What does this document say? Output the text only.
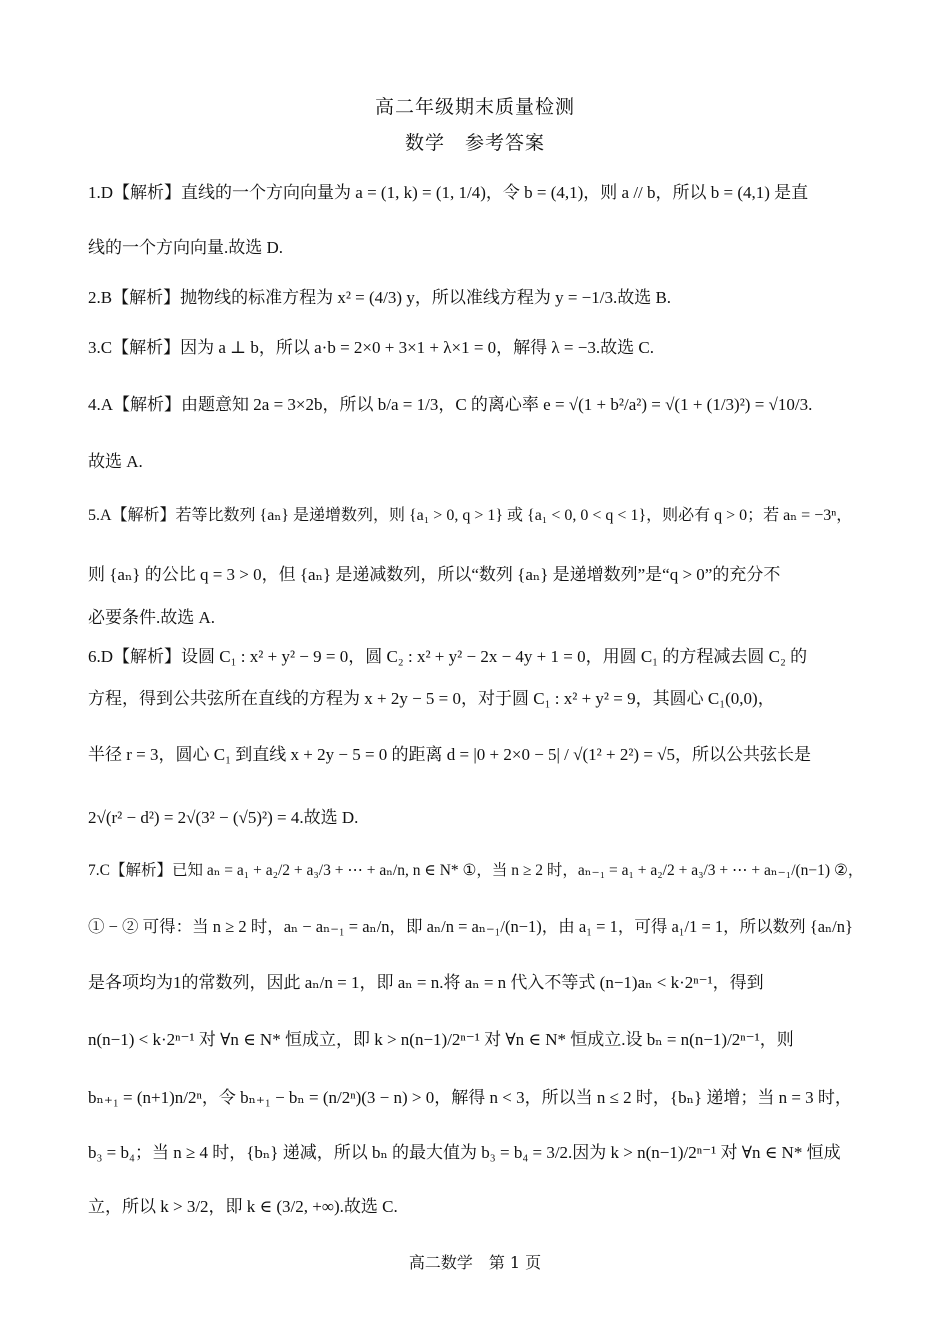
高二年级期末质量检测
数学　参考答案
1.D【解析】直线的一个方向向量为 a = (1, k) = (1, 1/4)，令 b = (4,1)，则 a // b，所以 b = (4,1) 是直
线的一个方向向量.故选 D.
2.B【解析】抛物线的标准方程为 x² = (4/3) y，所以准线方程为 y = −1/3.故选 B.
3.C【解析】因为 a ⊥ b，所以 a·b = 2×0 + 3×1 + λ×1 = 0，解得 λ = −3.故选 C.
4.A【解析】由题意知 2a = 3×2b，所以 b/a = 1/3，C 的离心率 e = √(1 + b²/a²) = √(1 + (1/3)²) = √10/3.
故选 A.
5.A【解析】若等比数列 {aₙ} 是递增数列，则 {a₁ > 0, q > 1} 或 {a₁ < 0, 0 < q < 1}，则必有 q > 0；若 aₙ = −3ⁿ，
则 {aₙ} 的公比 q = 3 > 0，但 {aₙ} 是递减数列，所以“数列 {aₙ} 是递增数列”是“q > 0”的充分不
必要条件.故选 A.
6.D【解析】设圆 C₁ : x² + y² − 9 = 0，圆 C₂ : x² + y² − 2x − 4y + 1 = 0，用圆 C₁ 的方程减去圆 C₂ 的
方程，得到公共弦所在直线的方程为 x + 2y − 5 = 0，对于圆 C₁ : x² + y² = 9，其圆心 C₁(0,0)，
半径 r = 3，圆心 C₁ 到直线 x + 2y − 5 = 0 的距离 d = |0 + 2×0 − 5| / √(1² + 2²) = √5，所以公共弦长是
2√(r² − d²) = 2√(3² − (√5)²) = 4.故选 D.
7.C【解析】已知 aₙ = a₁ + a₂/2 + a₃/3 + ⋯ + aₙ/n, n ∈ N* ①，当 n ≥ 2 时，aₙ₋₁ = a₁ + a₂/2 + a₃/3 + ⋯ + aₙ₋₁/(n−1) ②，
① − ② 可得：当 n ≥ 2 时，aₙ − aₙ₋₁ = aₙ/n，即 aₙ/n = aₙ₋₁/(n−1)，由 a₁ = 1，可得 a₁/1 = 1，所以数列 {aₙ/n}
是各项均为1的常数列，因此 aₙ/n = 1，即 aₙ = n.将 aₙ = n 代入不等式 (n−1)aₙ < k·2ⁿ⁻¹，得到
n(n−1) < k·2ⁿ⁻¹ 对 ∀n ∈ N* 恒成立，即 k > n(n−1)/2ⁿ⁻¹ 对 ∀n ∈ N* 恒成立.设 bₙ = n(n−1)/2ⁿ⁻¹，则
bₙ₊₁ = (n+1)n/2ⁿ，令 bₙ₊₁ − bₙ = (n/2ⁿ)(3 − n) > 0，解得 n < 3，所以当 n ≤ 2 时，{bₙ} 递增；当 n = 3 时，
b₃ = b₄；当 n ≥ 4 时，{bₙ} 递减，所以 bₙ 的最大值为 b₃ = b₄ = 3/2.因为 k > n(n−1)/2ⁿ⁻¹ 对 ∀n ∈ N* 恒成
立，所以 k > 3/2，即 k ∈ (3/2, +∞).故选 C.
高二数学　第 1 页
